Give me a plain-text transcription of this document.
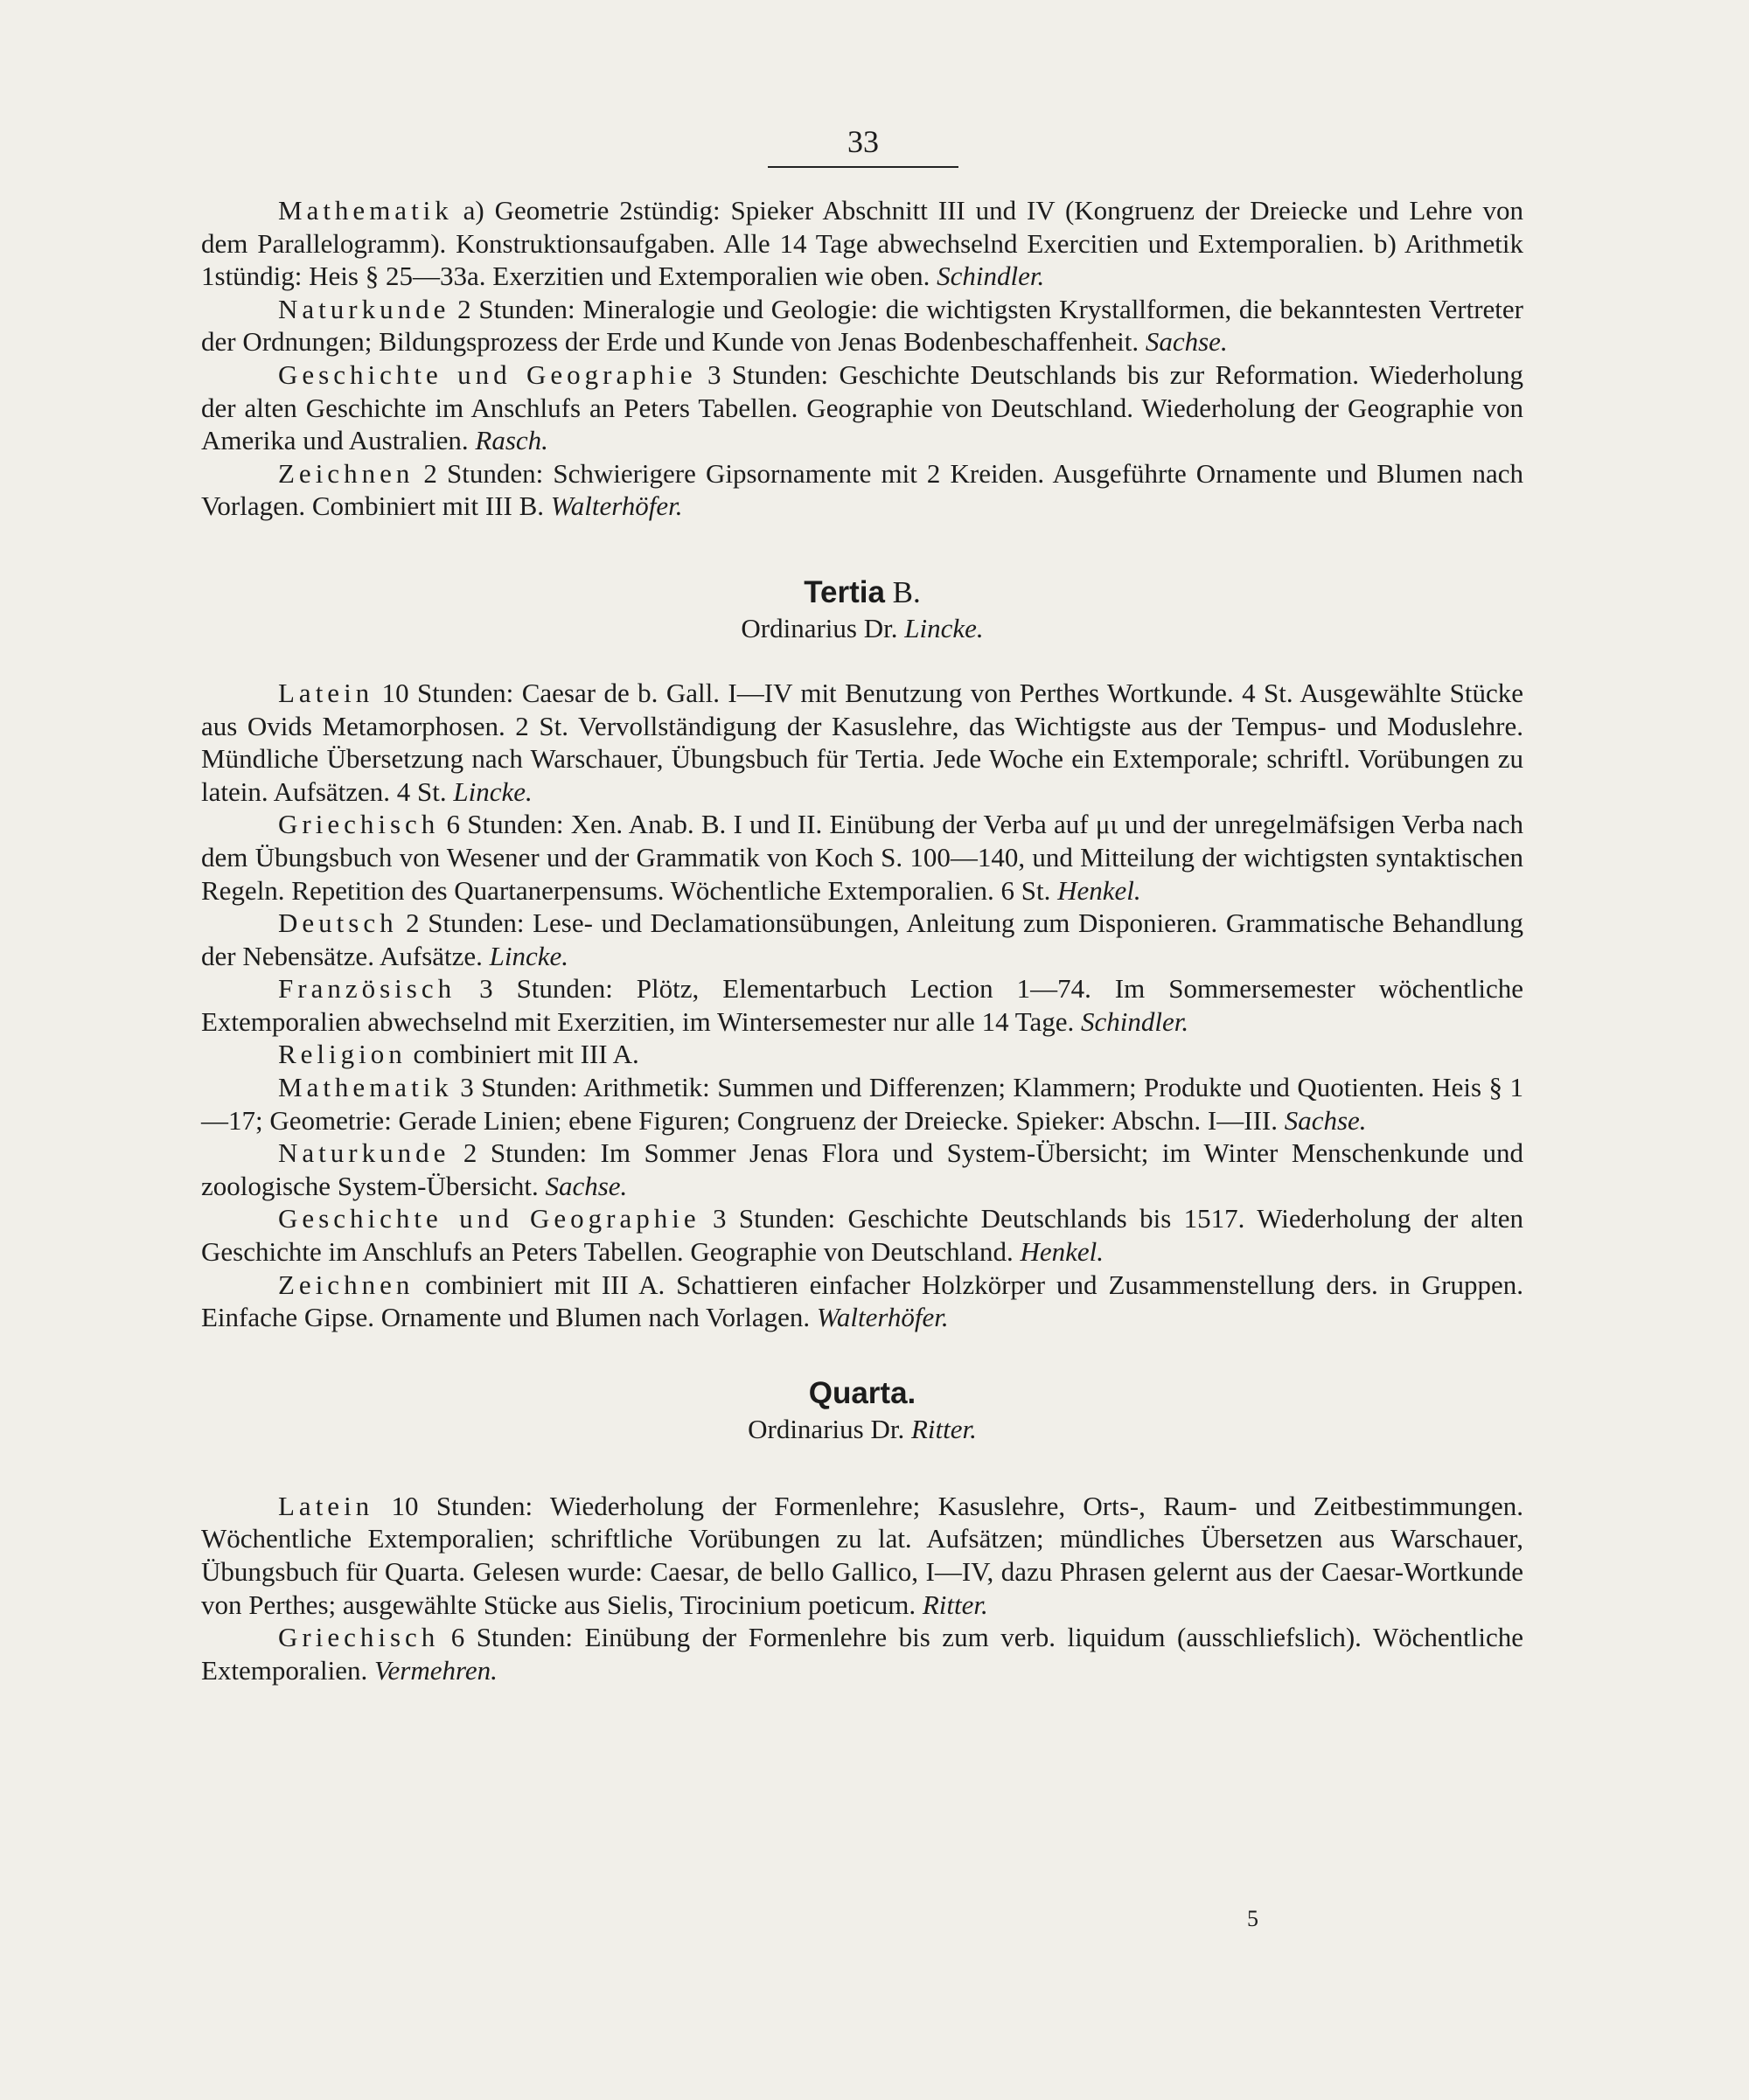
33

Mathematik a) Geometrie 2stündig: Spieker Abschnitt III und IV (Kongruenz der Dreiecke und Lehre von dem Parallelogramm). Konstruktionsaufgaben. Alle 14 Tage abwechselnd Exercitien und Extemporalien. b) Arithmetik 1stündig: Heis § 25—33a. Exerzitien und Extemporalien wie oben. Schindler.

Naturkunde 2 Stunden: Mineralogie und Geologie: die wichtigsten Krystallformen, die bekanntesten Vertreter der Ordnungen; Bildungsprozess der Erde und Kunde von Jenas Bodenbeschaffenheit. Sachse.

Geschichte und Geographie 3 Stunden: Geschichte Deutschlands bis zur Reformation. Wiederholung der alten Geschichte im Anschlufs an Peters Tabellen. Geographie von Deutschland. Wiederholung der Geographie von Amerika und Australien. Rasch.

Zeichnen 2 Stunden: Schwierigere Gipsornamente mit 2 Kreiden. Ausgeführte Ornamente und Blumen nach Vorlagen. Combiniert mit III B. Walterhöfer.

Tertia B.

Ordinarius Dr. Lincke.

Latein 10 Stunden: Caesar de b. Gall. I—IV mit Benutzung von Perthes Wortkunde. 4 St. Ausgewählte Stücke aus Ovids Metamorphosen. 2 St. Vervollständigung der Kasuslehre, das Wichtigste aus der Tempus- und Moduslehre. Mündliche Übersetzung nach Warschauer, Übungsbuch für Tertia. Jede Woche ein Extemporale; schriftl. Vorübungen zu latein. Aufsätzen. 4 St. Lincke.

Griechisch 6 Stunden: Xen. Anab. B. I und II. Einübung der Verba auf μι und der unregelmäfsigen Verba nach dem Übungsbuch von Wesener und der Grammatik von Koch S. 100—140, und Mitteilung der wichtigsten syntaktischen Regeln. Repetition des Quartanerpensums. Wöchentliche Extemporalien. 6 St. Henkel.

Deutsch 2 Stunden: Lese- und Declamationsübungen, Anleitung zum Disponieren. Grammatische Behandlung der Nebensätze. Aufsätze. Lincke.

Französisch 3 Stunden: Plötz, Elementarbuch Lection 1—74. Im Sommersemester wöchentliche Extemporalien abwechselnd mit Exerzitien, im Wintersemester nur alle 14 Tage. Schindler.

Religion combiniert mit III A.

Mathematik 3 Stunden: Arithmetik: Summen und Differenzen; Klammern; Produkte und Quotienten. Heis § 1—17; Geometrie: Gerade Linien; ebene Figuren; Congruenz der Dreiecke. Spieker: Abschn. I—III. Sachse.

Naturkunde 2 Stunden: Im Sommer Jenas Flora und System-Übersicht; im Winter Menschenkunde und zoologische System-Übersicht. Sachse.

Geschichte und Geographie 3 Stunden: Geschichte Deutschlands bis 1517. Wiederholung der alten Geschichte im Anschlufs an Peters Tabellen. Geographie von Deutschland. Henkel.

Zeichnen combiniert mit III A. Schattieren einfacher Holzkörper und Zusammenstellung ders. in Gruppen. Einfache Gipse. Ornamente und Blumen nach Vorlagen. Walterhöfer.

Quarta.

Ordinarius Dr. Ritter.

Latein 10 Stunden: Wiederholung der Formenlehre; Kasuslehre, Orts-, Raum- und Zeitbestimmungen. Wöchentliche Extemporalien; schriftliche Vorübungen zu lat. Aufsätzen; mündliches Übersetzen aus Warschauer, Übungsbuch für Quarta. Gelesen wurde: Caesar, de bello Gallico, I—IV, dazu Phrasen gelernt aus der Caesar-Wortkunde von Perthes; ausgewählte Stücke aus Sielis, Tirocinium poeticum. Ritter.

Griechisch 6 Stunden: Einübung der Formenlehre bis zum verb. liquidum (ausschliefslich). Wöchentliche Extemporalien. Vermehren.

5
